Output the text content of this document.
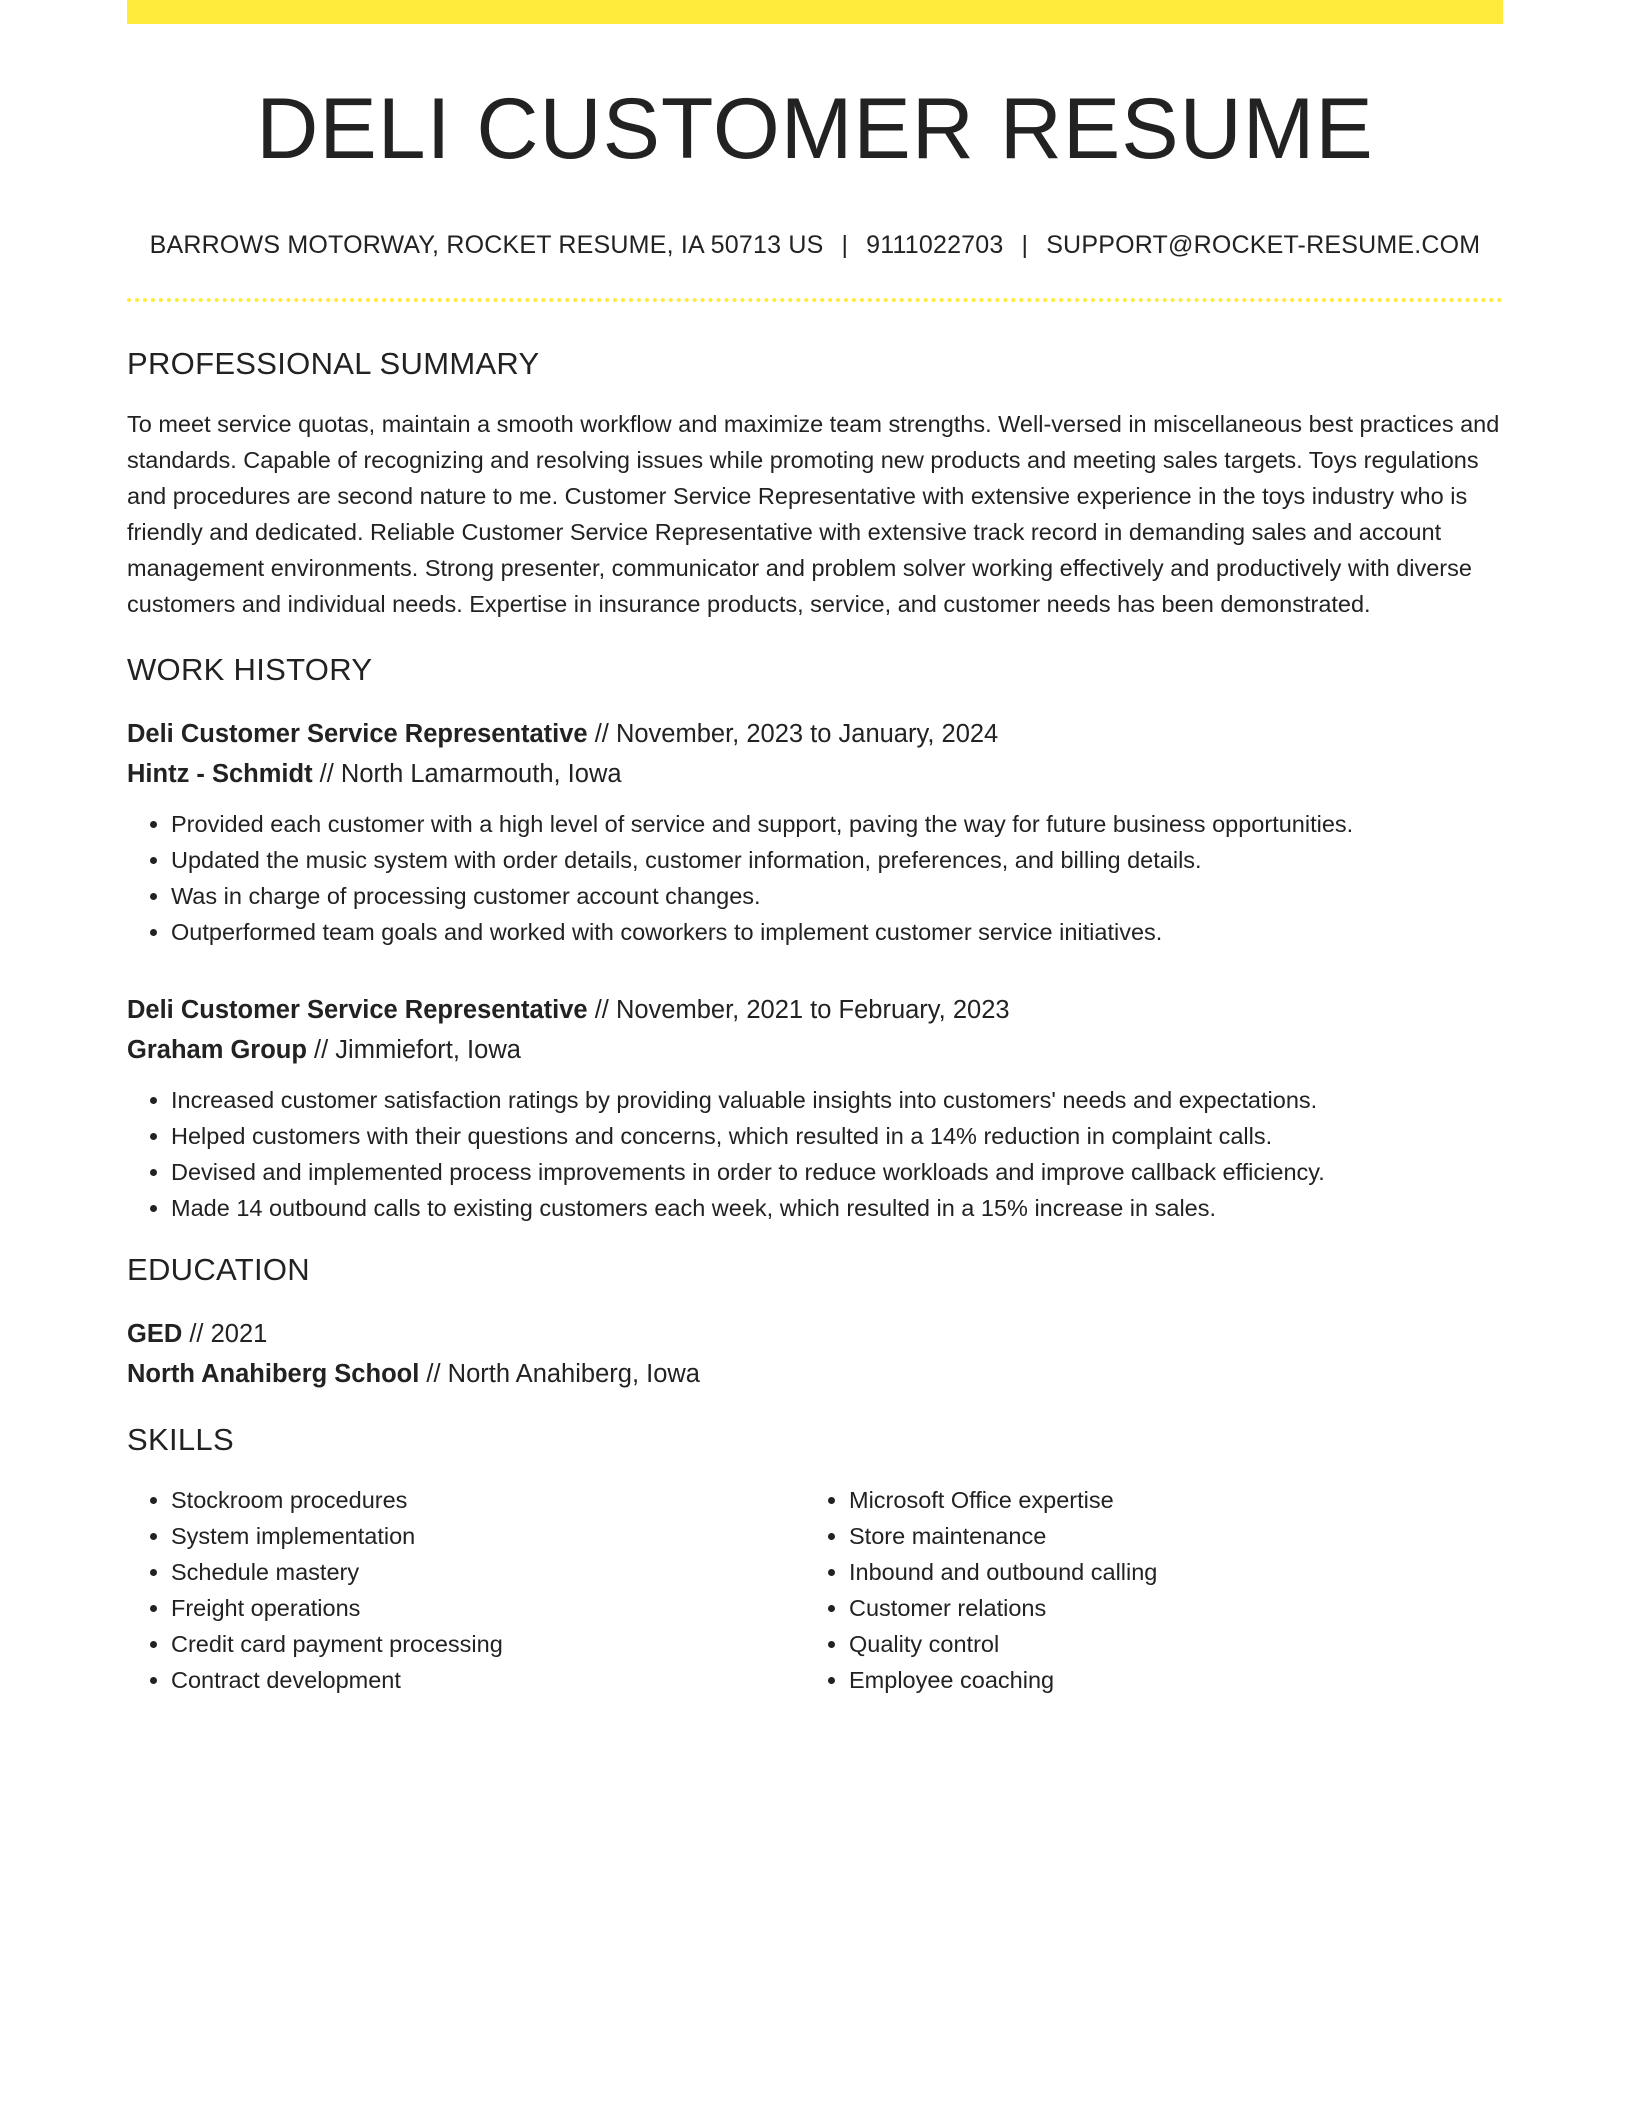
DELI CUSTOMER RESUME
BARROWS MOTORWAY, ROCKET RESUME, IA 50713 US | 9111022703 | SUPPORT@ROCKET-RESUME.COM
PROFESSIONAL SUMMARY
To meet service quotas, maintain a smooth workflow and maximize team strengths. Well-versed in miscellaneous best practices and standards. Capable of recognizing and resolving issues while promoting new products and meeting sales targets. Toys regulations and procedures are second nature to me. Customer Service Representative with extensive experience in the toys industry who is friendly and dedicated. Reliable Customer Service Representative with extensive track record in demanding sales and account management environments. Strong presenter, communicator and problem solver working effectively and productively with diverse customers and individual needs. Expertise in insurance products, service, and customer needs has been demonstrated.
WORK HISTORY
Deli Customer Service Representative // November, 2023 to January, 2024
Hintz - Schmidt // North Lamarmouth, Iowa
• Provided each customer with a high level of service and support, paving the way for future business opportunities.
• Updated the music system with order details, customer information, preferences, and billing details.
• Was in charge of processing customer account changes.
• Outperformed team goals and worked with coworkers to implement customer service initiatives.
Deli Customer Service Representative // November, 2021 to February, 2023
Graham Group // Jimmiefort, Iowa
• Increased customer satisfaction ratings by providing valuable insights into customers' needs and expectations.
• Helped customers with their questions and concerns, which resulted in a 14% reduction in complaint calls.
• Devised and implemented process improvements in order to reduce workloads and improve callback efficiency.
• Made 14 outbound calls to existing customers each week, which resulted in a 15% increase in sales.
EDUCATION
GED // 2021
North Anahiberg School // North Anahiberg, Iowa
SKILLS
• Stockroom procedures
• System implementation
• Schedule mastery
• Freight operations
• Credit card payment processing
• Contract development
• Microsoft Office expertise
• Store maintenance
• Inbound and outbound calling
• Customer relations
• Quality control
• Employee coaching
